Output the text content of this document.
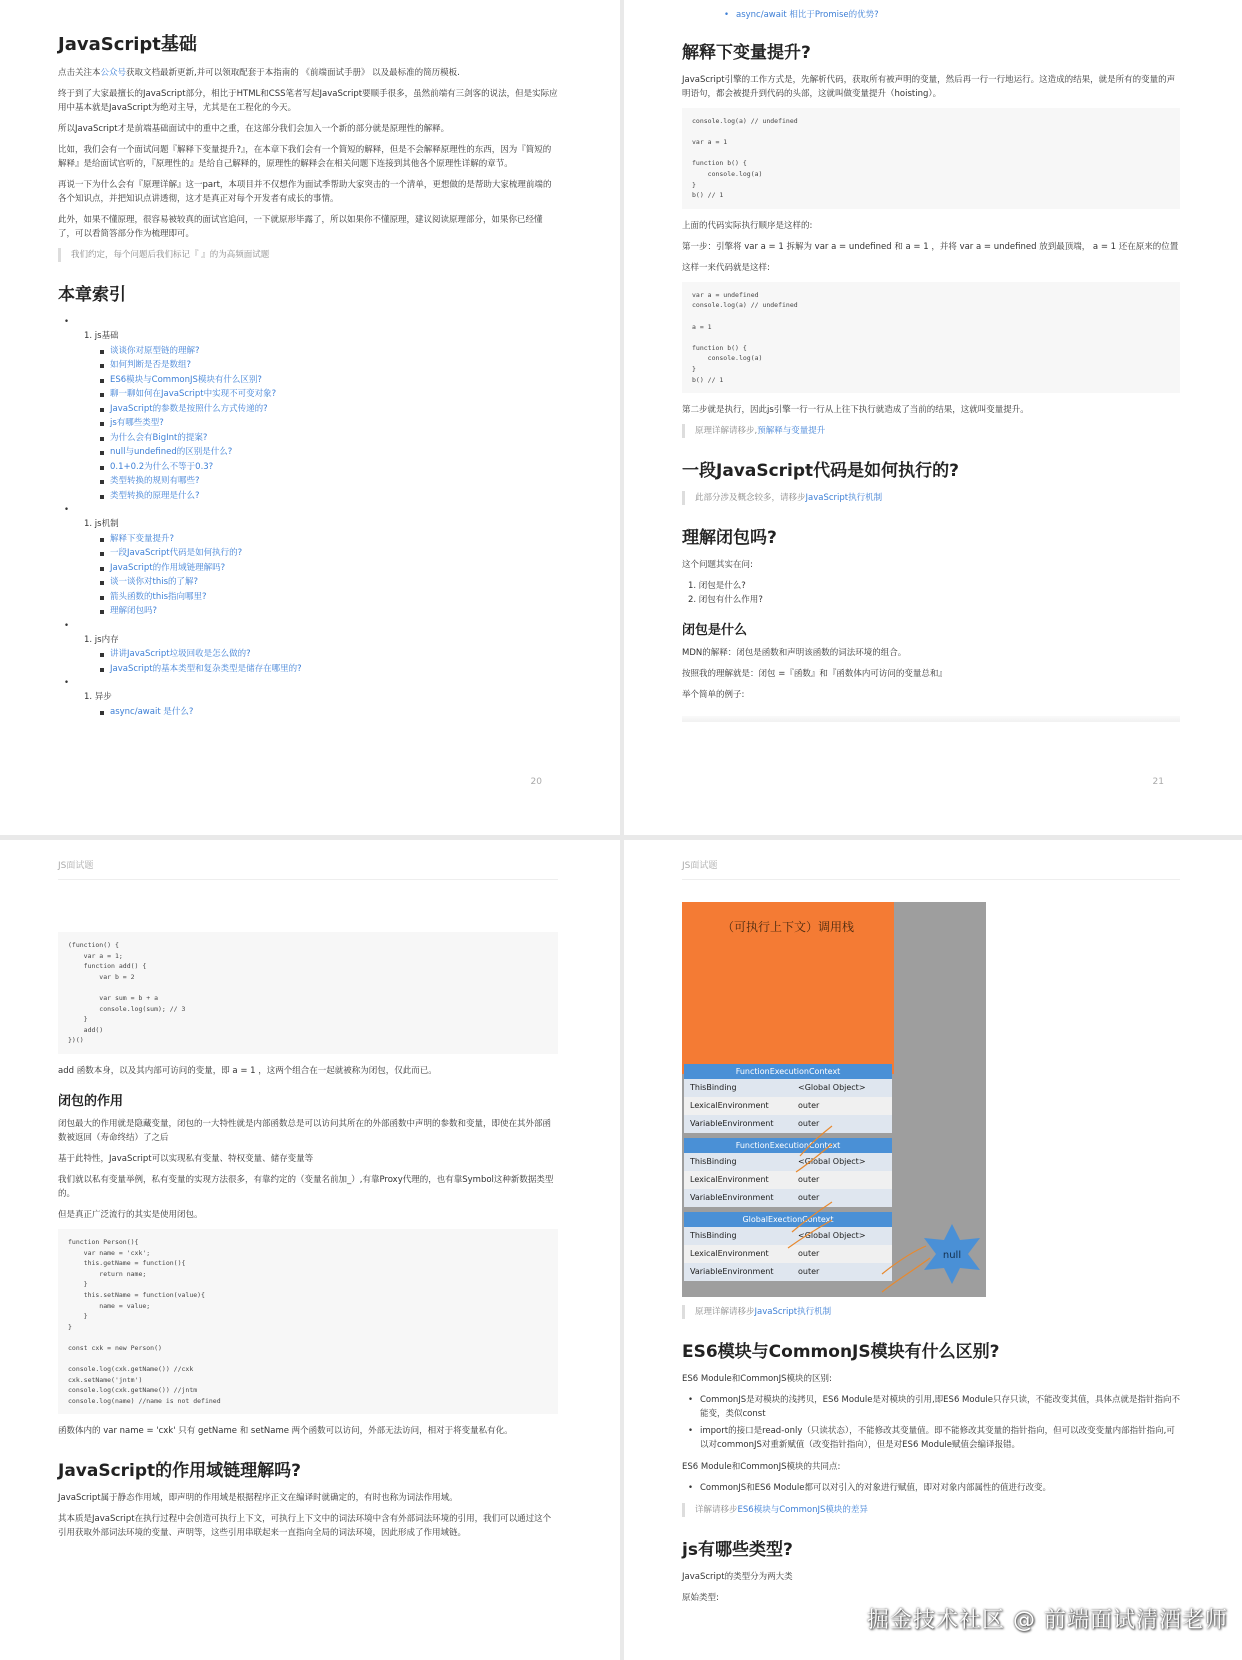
JavaScript基础

点击关注本公众号获取文档最新更新,并可以领取配套于本指南的 《前端面试手册》 以及最标准的简历模板.

终于到了大家最擅长的JavaScript部分，相比于HTML和CSS笔者写起JavaScript要顺手很多，虽然前端有三剑客的说法，但是实际应用中基本就是JavaScript为绝对主导，尤其是在工程化的今天。

所以JavaScript才是前端基础面试中的重中之重，在这部分我们会加入一个新的部分就是原理性的解释。

比如，我们会有一个面试问题『解释下变量提升?』，在本章下我们会有一个简短的解释，但是不会解释原理性的东西，因为『简短的解释』是给面试官听的，『原理性的』是给自己解释的，原理性的解释会在相关问题下连接到其他各个原理性详解的章节。

再说一下为什么会有『原理详解』这一part，本项目并不仅想作为面试季帮助大家突击的一个清单，更想做的是帮助大家梳理前端的各个知识点，并把知识点讲透彻，这才是真正对每个开发者有成长的事情。

此外，如果不懂原理，很容易被较真的面试官追问，一下就原形毕露了，所以如果你不懂原理，建议阅读原理部分，如果你已经懂了，可以看简答部分作为梳理即可。

我们约定，每个问题后我们标记『 』的为高频面试题
本章索引
•
1. js基础
谈谈你对原型链的理解?
如何判断是否是数组?
ES6模块与CommonJS模块有什么区别?
聊一聊如何在JavaScript中实现不可变对象?
JavaScript的参数是按照什么方式传递的?
js有哪些类型?
为什么会有BigInt的提案?
null与undefined的区别是什么?
0.1+0.2为什么不等于0.3?
类型转换的规则有哪些?
类型转换的原理是什么?
•
1. js机制
解释下变量提升?
一段JavaScript代码是如何执行的?
JavaScript的作用域链理解吗?
谈一谈你对this的了解?
箭头函数的this指向哪里?
理解闭包吗?
•
1. js内存
讲讲JavaScript垃圾回收是怎么做的?
JavaScript的基本类型和复杂类型是储存在哪里的?
•
1. 异步
async/await 是什么?
20
• async/await 相比于Promise的优势?
解释下变量提升?

JavaScript引擎的工作方式是，先解析代码，获取所有被声明的变量，然后再一行一行地运行。这造成的结果，就是所有的变量的声明语句，都会被提升到代码的头部，这就叫做变量提升（hoisting）。

console.log(a) // undefined
var a = 1
function b() {
console.log(a)
}
b() // 1

上面的代码实际执行顺序是这样的:

第一步：引擎将 var a = 1 拆解为 var a = undefined 和 a = 1 ，并将 var a = undefined 放到最顶端， a = 1 还在原来的位置

这样一来代码就是这样:

var a = undefined
console.log(a) // undefined
a = 1
function b() {
console.log(a)
}
b() // 1

第二步就是执行，因此js引擎一行一行从上往下执行就造成了当前的结果，这就叫变量提升。

原理详解请移步,预解释与变量提升
一段JavaScript代码是如何执行的?
此部分涉及概念较多，请移步JavaScript执行机制
理解闭包吗?

这个问题其实在问:

1. 闭包是什么?
2. 闭包有什么作用?
闭包是什么

MDN的解释：闭包是函数和声明该函数的词法环境的组合。

按照我的理解就是：闭包 =『函数』和『函数体内可访问的变量总和』

举个简单的例子:

21
JS面试题
(function() {
var a = 1;
function add() {
var b = 2
var sum = b + a
console.log(sum); // 3
}
add()
})()

add 函数本身，以及其内部可访问的变量，即 a = 1 ，这两个组合在一起就被称为闭包，仅此而已。

闭包的作用

闭包最大的作用就是隐藏变量，闭包的一大特性就是内部函数总是可以访问其所在的外部函数中声明的参数和变量，即使在其外部函数被返回（寿命终结）了之后

基于此特性，JavaScript可以实现私有变量、特权变量、储存变量等

我们就以私有变量举例，私有变量的实现方法很多，有靠约定的（变量名前加_）,有靠Proxy代理的，也有靠Symbol这种新数据类型的。

但是真正广泛流行的其实是使用闭包。

function Person(){
var name = 'cxk';
this.getName = function(){
return name;
}
this.setName = function(value){
name = value;
}
}
const cxk = new Person()
console.log(cxk.getName()) //cxk
cxk.setName('jntm')
console.log(cxk.getName()) //jntm
console.log(name) //name is not defined

函数体内的 var name = 'cxk' 只有 getName 和 setName 两个函数可以访问，外部无法访问，相对于将变量私有化。

JavaScript的作用域链理解吗?

JavaScript属于静态作用域，即声明的作用域是根据程序正文在编译时就确定的，有时也称为词法作用域。

其本质是JavaScript在执行过程中会创造可执行上下文，可执行上下文中的词法环境中含有外部词法环境的引用，我们可以通过这个引用获取外部词法环境的变量、声明等，这些引用串联起来一直指向全局的词法环境，因此形成了作用域链。

JS面试题
（可执行上下文）调用栈
null
FunctionExecutionContext
ThisBinding	<Global Object>
LexicalEnvironment	outer
VariableEnvironment	outer
FunctionExecutionContext
ThisBinding	<Global Object>
LexicalEnvironment	outer
VariableEnvironment	outer
GlobalExectionContext
ThisBinding	<Global Object>
LexicalEnvironment	outer
VariableEnvironment	outer
原理详解请移步JavaScript执行机制
ES6模块与CommonJS模块有什么区别?

ES6 Module和CommonJS模块的区别:

• CommonJS是对模块的浅拷贝，ES6 Module是对模块的引用,即ES6 Module只存只读，不能改变其值，具体点就是指针指向不能变，类似const
• import的接口是read-only（只读状态），不能修改其变量值。即不能修改其变量的指针指向，但可以改变变量内部指针指向,可以对commonJS对重新赋值（改变指针指向），但是对ES6 Module赋值会编译报错。

ES6 Module和CommonJS模块的共同点:

• CommonJS和ES6 Module都可以对引入的对象进行赋值，即对对象内部属性的值进行改变。
详解请移步ES6模块与CommonJS模块的差异
js有哪些类型?

JavaScript的类型分为两大类

原始类型:

掘金技术社区 @ 前端面试清酒老师
